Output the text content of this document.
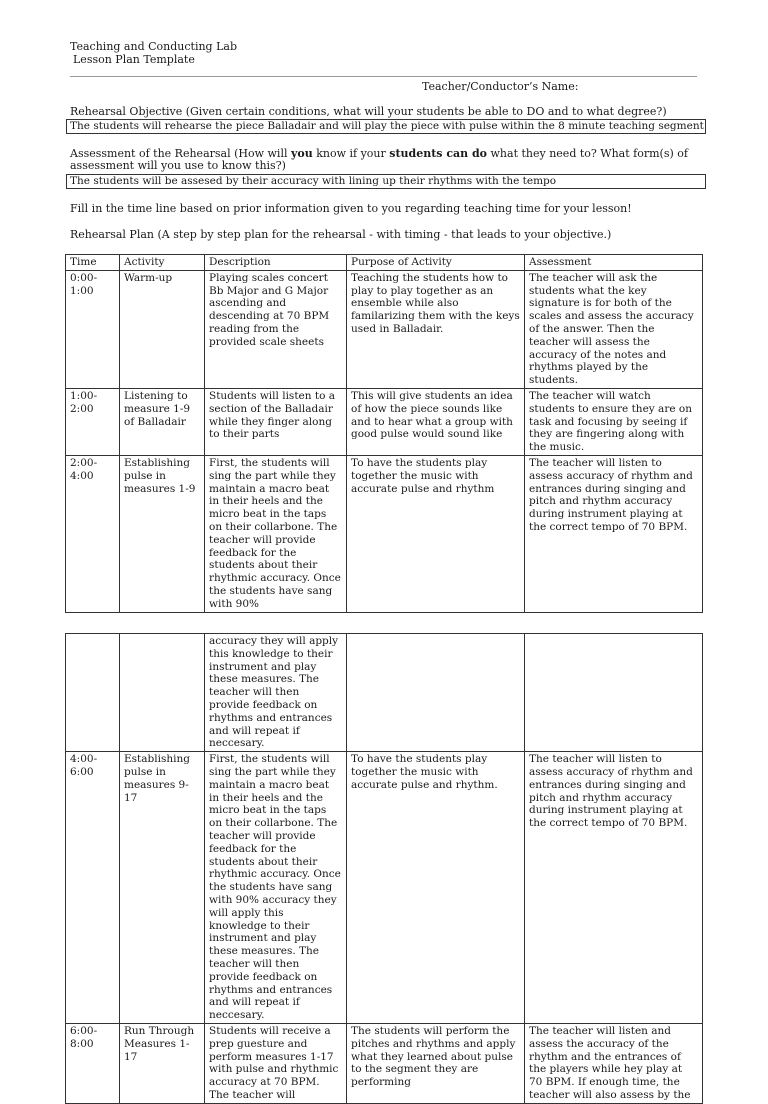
Teaching and Conducting Lab
Lesson Plan Template
Teacher/Conductor’s Name:
Rehearsal Objective (Given certain conditions, what will your students be able to DO and to what degree?)
The students will rehearse the piece Balladair and will play the piece with pulse within the 8 minute teaching segment
Assessment of the Rehearsal (How will you know if your students can do what they need to? What form(s) of assessment will you use to know this?)
The students will be assesed by their accuracy with lining up their rhythms with the tempo
Fill in the time line based on prior information given to you regarding teaching time for your lesson!
Rehearsal Plan (A step by step plan for the rehearsal - with timing - that leads to your objective.)
Time	Activity	Description	Purpose of Activity	Assessment
0:00-1:00	Warm-up	Playing scales concert Bb Major and G Major ascending and descending at 70 BPM reading from the provided scale sheets	Teaching the students how to play to play together as an ensemble while also familarizing them with the keys used in Balladair.	The teacher will ask the students what the key signature is for both of the scales and assess the accuracy of the answer. Then the teacher will assess the accuracy of the notes and rhythms played by the students.
1:00-2:00	Listening to measure 1-9 of Balladair	Students will listen to a section of the Balladair while they finger along to their parts	This will give students an idea of how the piece sounds like and to hear what a group with good pulse would sound like	The teacher will watch students to ensure they are on task and focusing by seeing if they are fingering along with the music.
2:00-4:00	Establishing pulse in measures 1-9	First, the students will sing the part while they maintain a macro beat in their heels and the micro beat in the taps on their collarbone. The teacher will provide feedback for the students about their rhythmic accuracy. Once the students have sang with 90%	To have the students play together the music with accurate pulse and rhythm	The teacher will listen to assess accuracy of rhythm and entrances during singing and pitch and rhythm accuracy during instrument playing at the correct tempo of 70 BPM.
		accuracy they will apply this knowledge to their instrument and play these measures. The teacher will then provide feedback on rhythms and entrances and will repeat if neccesary.		
4:00-6:00	Establishing pulse in measures 9-17	First, the students will sing the part while they maintain a macro beat in their heels and the micro beat in the taps on their collarbone. The teacher will provide feedback for the students about their rhythmic accuracy. Once the students have sang with 90% accuracy they will apply this knowledge to their instrument and play these measures. The teacher will then provide feedback on rhythms and entrances and will repeat if neccesary.	To have the students play together the music with accurate pulse and rhythm.	The teacher will listen to assess accuracy of rhythm and entrances during singing and pitch and rhythm accuracy during instrument playing at the correct tempo of 70 BPM.
6:00-8:00	Run Through Measures 1-17	Students will receive a prep guesture and perform measures 1-17 with pulse and rhythmic accuracy at 70 BPM. The teacher will	The students will perform the pitches and rhythms and apply what they learned about pulse to the segment they are performing	The teacher will listen and assess the accuracy of the rhythm and the entrances of the players while hey play at 70 BPM. If enough time, the teacher will also assess by the
